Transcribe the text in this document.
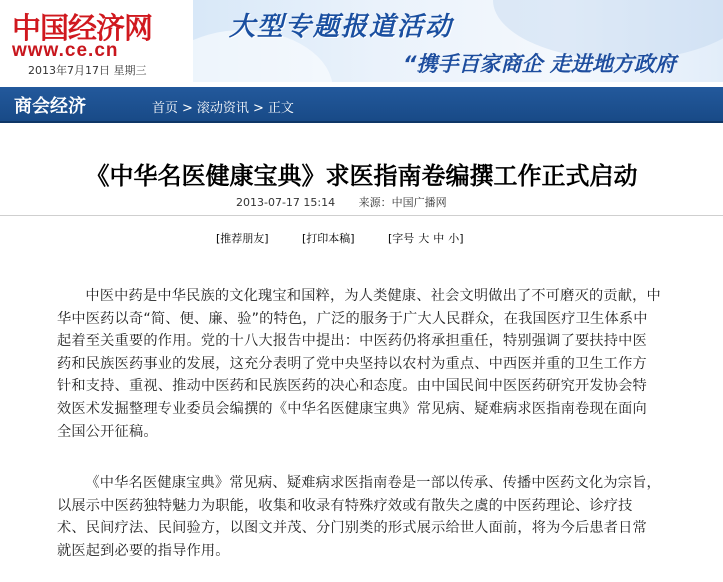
中国经济网
www.ce.cn
2013年7月17日 星期三
大型专题报道活动
“携手百家商企 走进地方政府
商会经济	首页 > 滚动资讯 > 正文
《中华名医健康宝典》求医指南卷编撰工作正式启动
2013-07-17 15:14 来源：中国广播网
[推荐朋友]	[打印本稿]	[字号 大 中 小]

中医中药是中华民族的文化瑰宝和国粹，为人类健康、社会文明做出了不可磨灭的贡献，中华中医药以奇“简、便、廉、验”的特色，广泛的服务于广大人民群众，在我国医疗卫生体系中起着至关重要的作用。党的十八大报告中提出：中医药仍将承担重任，特别强调了要扶持中医药和民族医药事业的发展，这充分表明了党中央坚持以农村为重点、中西医并重的卫生工作方针和支持、重视、推动中医药和民族医药的决心和态度。由中国民间中医医药研究开发协会特效医术发掘整理专业委员会编撰的《中华名医健康宝典》常见病、疑难病求医指南卷现在面向全国公开征稿。

《中华名医健康宝典》常见病、疑难病求医指南卷是一部以传承、传播中医药文化为宗旨，以展示中医药独特魅力为职能，收集和收录有特殊疗效或有散失之虞的中医药理论、诊疗技术、民间疗法、民间验方，以图文并茂、分门别类的形式展示给世人面前，将为今后患者日常就医起到必要的指导作用。
